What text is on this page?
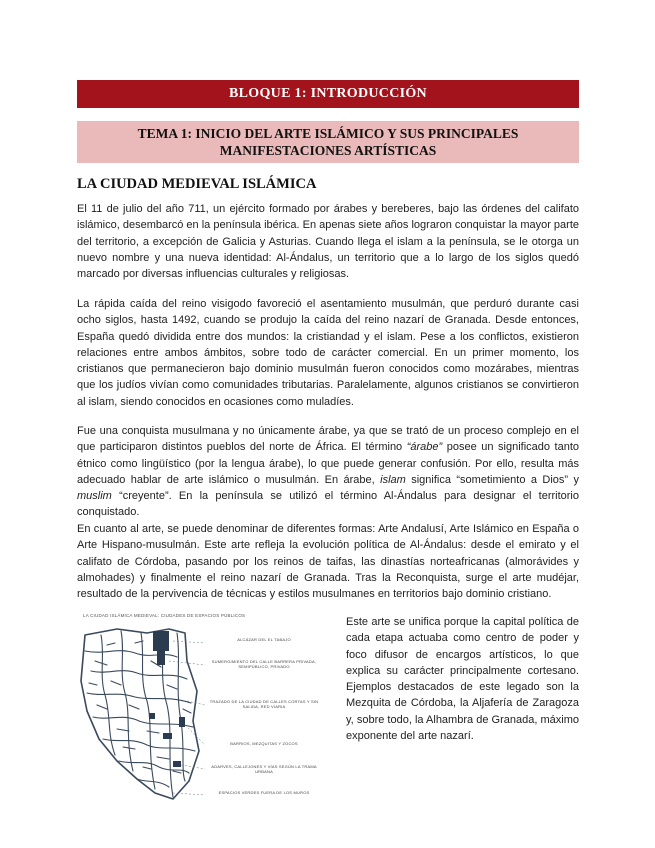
BLOQUE 1: INTRODUCCIÓN
TEMA 1: INICIO DEL ARTE ISLÁMICO Y SUS PRINCIPALES
MANIFESTACIONES ARTÍSTICAS
LA CIUDAD MEDIEVAL ISLÁMICA

El 11 de julio del año 711, un ejército formado por árabes y bereberes, bajo las órdenes del califato islámico, desembarcó en la península ibérica. En apenas siete años lograron conquistar la mayor parte del territorio, a excepción de Galicia y Asturias. Cuando llega el islam a la península, se le otorga un nuevo nombre y una nueva identidad: Al-Ándalus, un territorio que a lo largo de los siglos quedó marcado por diversas influencias culturales y religiosas.

La rápida caída del reino visigodo favoreció el asentamiento musulmán, que perduró durante casi ocho siglos, hasta 1492, cuando se produjo la caída del reino nazarí de Granada. Desde entonces, España quedó dividida entre dos mundos: la cristiandad y el islam. Pese a los conflictos, existieron relaciones entre ambos ámbitos, sobre todo de carácter comercial. En un primer momento, los cristianos que permanecieron bajo dominio musulmán fueron conocidos como mozárabes, mientras que los judíos vivían como comunidades tributarias. Paralelamente, algunos cristianos se convirtieron al islam, siendo conocidos en ocasiones como muladíes.

Fue una conquista musulmana y no únicamente árabe, ya que se trató de un proceso complejo en el que participaron distintos pueblos del norte de África. El término “árabe” posee un significado tanto étnico como lingüístico (por la lengua árabe), lo que puede generar confusión. Por ello, resulta más adecuado hablar de arte islámico o musulmán. En árabe, islam significa “sometimiento a Dios” y muslim “creyente”. En la península se utilizó el término Al-Ándalus para designar el territorio conquistado.

En cuanto al arte, se puede denominar de diferentes formas: Arte Andalusí, Arte Islámico en España o Arte Hispano-musulmán. Este arte refleja la evolución política de Al-Ándalus: desde el emirato y el califato de Córdoba, pasando por los reinos de taifas, las dinastías norteafricanas (almorávides y almohades) y finalmente el reino nazarí de Granada. Tras la Reconquista, surge el arte mudéjar, resultado de la pervivencia de técnicas y estilos musulmanes en territorios bajo dominio cristiano.

LA CIUDAD ISLÁMICA MEDIEVAL: CIUDADES DE ESPACIOS PÚBLICOS
ALCÁZAR DEL EL TABAJO
SUMERGIMIENTO DEL CALLE BARRERA PRIVADA, SEMIPÚBLICO, PRIVADO
TRAZADO DE LA CIUDAD DE CALLES CORTAS Y SIN SALIDA, RED VIARIA
BARRIOS, MEZQUITAS Y ZOCOS
ADARVES, CALLEJONES Y VÍAS SEGÚN LA TRAMA URBANA
ESPACIOS VERDES FUERA DE LOS MUROS

Este arte se unifica porque la capital política de cada etapa actuaba como centro de poder y foco difusor de encargos artísticos, lo que explica su carácter principalmente cortesano. Ejemplos destacados de este legado son la Mezquita de Córdoba, la Aljafería de Zaragoza y, sobre todo, la Alhambra de Granada, máximo exponente del arte nazarí.
